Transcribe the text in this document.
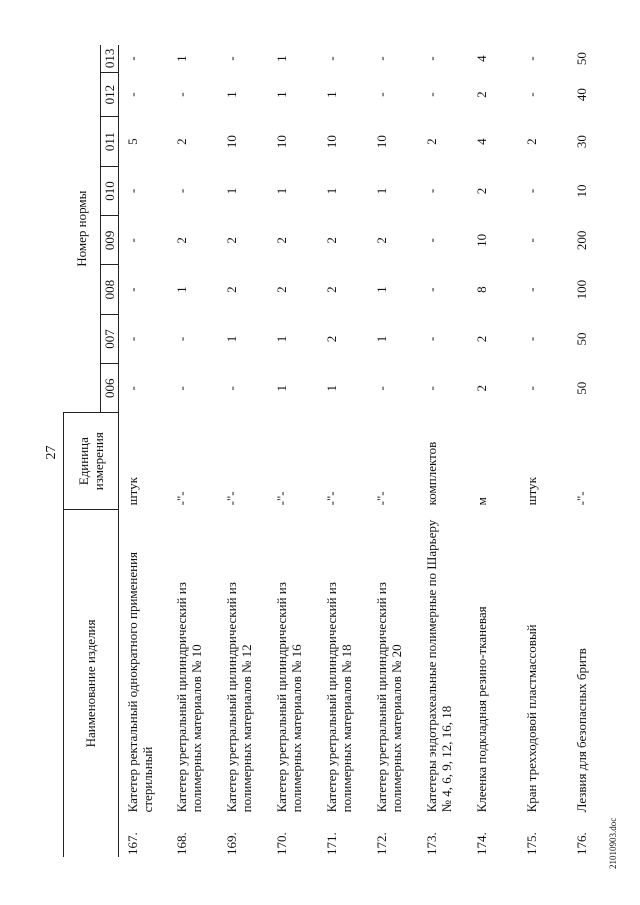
27
Наименование изделия		Единица измерения	Номер нормы							
			006	007	008	009	010	011	012	013
167.	Катетер ректальный однократного применения стерильный	штук	-	-	-	-	-	5	-	-
168.	Катетер уретральный цилиндрический из полимерных материалов № 10	-"-	-	-	1	2	-	2	-	1
169.	Катетер уретральный цилиндрический из полимерных материалов № 12	-"-	-	1	2	2	1	10	1	-
170.	Катетер уретральный цилиндрический из полимерных материалов № 16	-"-	1	1	2	2	1	10	1	1
171.	Катетер уретральный цилиндрический из полимерных материалов № 18	-"-	1	2	2	2	1	10	1	-
172.	Катетер уретральный цилиндрический из полимерных материалов № 20	-"-	-	1	1	2	1	10	-	-
173.	Катетеры эндотрахеальные полимерные по Шарьеру № 4, 6, 9, 12, 16, 18	комплектов	-	-	-	-	-	2	-	-
174.	Клеенка подкладная резино-тканевая	м	2	2	8	10	2	4	2	4
175.	Кран трехходовой пластмассовый	штук	-	-	-	-	-	2	-	-
176.	Лезвия для безопасных бритв	-"-	50	50	100	200	10	30	40	50
21010903.doc
